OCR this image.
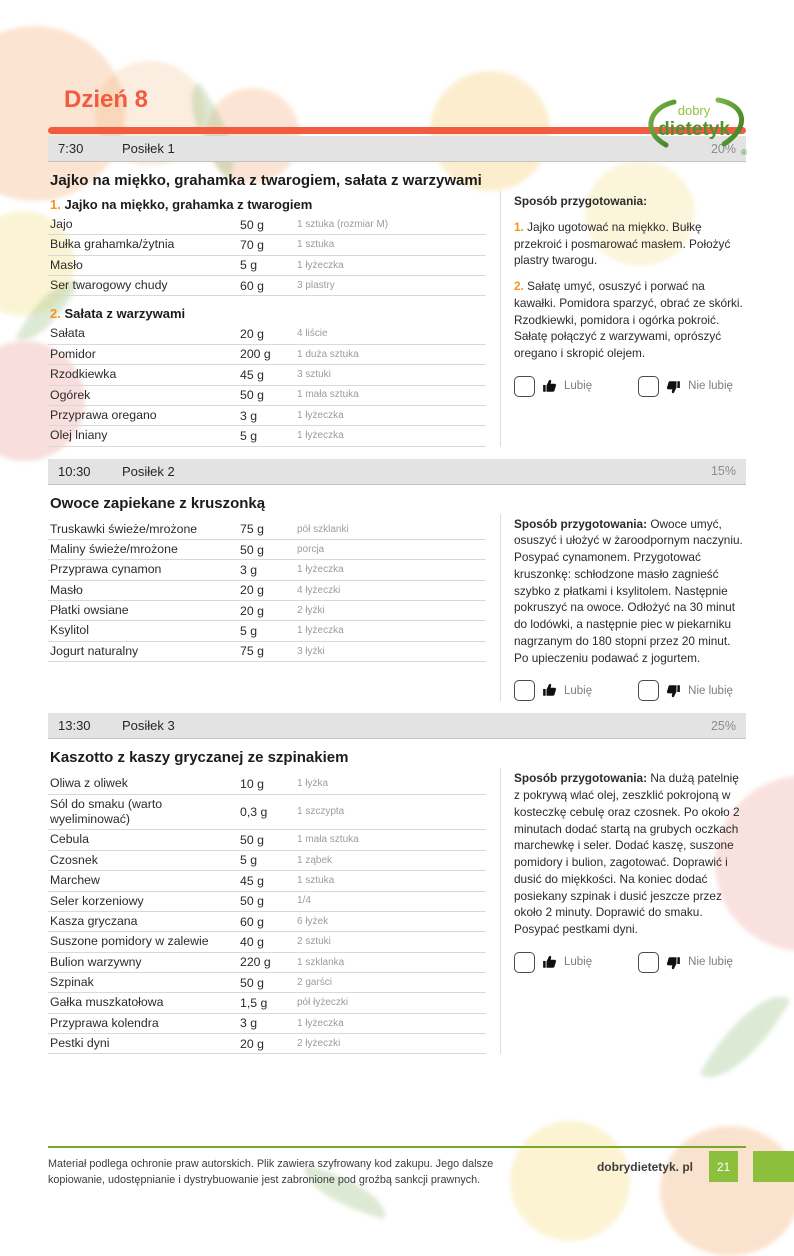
dobry
dietetyk
®
Dzień 8
7:30	Posiłek 1	20%
Jajko na miękko, grahamka z twarogiem, sałata z warzywami
1. Jajko na miękko, grahamka z twarogiem
Jajo	50 g	1 sztuka (rozmiar M)
Bułka grahamka/żytnia	70 g	1 sztuka
Masło	5 g	1 łyżeczka
Ser twarogowy chudy	60 g	3 plastry
2. Sałata z warzywami
Sałata	20 g	4 liście
Pomidor	200 g	1 duża sztuka
Rzodkiewka	45 g	3 sztuki
Ogórek	50 g	1 mała sztuka
Przyprawa oregano	3 g	1 łyżeczka
Olej lniany	5 g	1 łyżeczka

Sposób przygotowania:

1. Jajko ugotować na miękko. Bułkę przekroić i posmarować masłem. Położyć plastry twarogu.

2. Sałatę umyć, osuszyć i porwać na kawałki. Pomidora sparzyć, obrać ze skórki. Rzodkiewki, pomidora i ogórka pokroić. Sałatę połączyć z warzywami, oprószyć oregano i skropić olejem.

Lubię	Nie lubię
10:30	Posiłek 2	15%
Owoce zapiekane z kruszonką
Truskawki świeże/mrożone	75 g	pół szklanki
Maliny świeże/mrożone	50 g	porcja
Przyprawa cynamon	3 g	1 łyżeczka
Masło	20 g	4 łyżeczki
Płatki owsiane	20 g	2 łyżki
Ksylitol	5 g	1 łyżeczka
Jogurt naturalny	75 g	3 łyżki

Sposób przygotowania: Owoce umyć, osuszyć i ułożyć w żaroodpornym naczyniu. Posypać cynamonem. Przygotować kruszonkę: schłodzone masło zagnieść szybko z płatkami i ksylitolem. Następnie pokruszyć na owoce. Odłożyć na 30 minut do lodówki, a następnie piec w piekarniku nagrzanym do 180 stopni przez 20 minut. Po upieczeniu podawać z jogurtem.

Lubię	Nie lubię
13:30	Posiłek 3	25%
Kaszotto z kaszy gryczanej ze szpinakiem
Oliwa z oliwek	10 g	1 łyżka
Sól do smaku (warto wyeliminować)	0,3 g	1 szczypta
Cebula	50 g	1 mała sztuka
Czosnek	5 g	1 ząbek
Marchew	45 g	1 sztuka
Seler korzeniowy	50 g	1/4
Kasza gryczana	60 g	6 łyżek
Suszone pomidory w zalewie	40 g	2 sztuki
Bulion warzywny	220 g	1 szklanka
Szpinak	50 g	2 garści
Gałka muszkatołowa	1,5 g	pół łyżeczki
Przyprawa kolendra	3 g	1 łyżeczka
Pestki dyni	20 g	2 łyżeczki

Sposób przygotowania: Na dużą patelnię z pokrywą wlać olej, zeszklić pokrojoną w kosteczkę cebulę oraz czosnek. Po około 2 minutach dodać startą na grubych oczkach marchewkę i seler. Dodać kaszę, suszone pomidory i bulion, zagotować. Doprawić i dusić do miękkości. Na koniec dodać posiekany szpinak i dusić jeszcze przez około 2 minuty. Doprawić do smaku. Posypać pestkami dyni.

Lubię	Nie lubię

Materiał podlega ochronie praw autorskich. Plik zawiera szyfrowany kod zakupu. Jego dalsze kopiowanie, udostępnianie i dystrybuowanie jest zabronione pod groźbą sankcji prawnych.

dobrydietetyk. pl	21
